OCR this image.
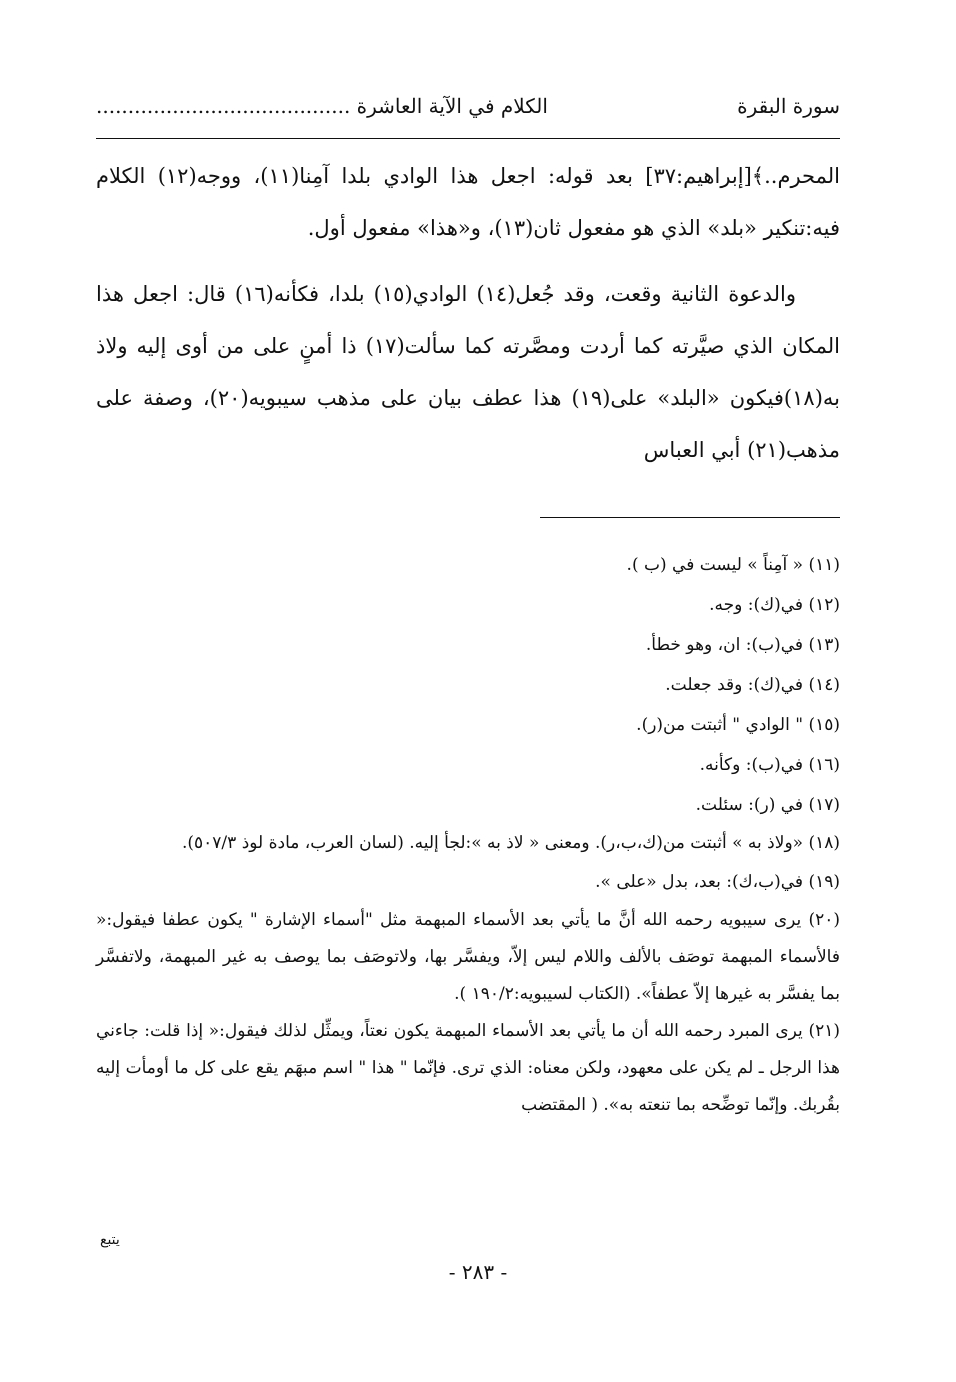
سورة البقرة
الكلام في الآية العاشرة ........................................

المحرم..﴾[إبراهيم:٣٧] بعد قوله: اجعل هذا الوادي بلدا آمِنا(١١)، ووجه(١٢) الكلام فيه:تنكير «بلد» الذي هو مفعول ثان(١٣)، و«هذا» مفعول أول.

والدعوة الثانية وقعت، وقد جُعل(١٤) الوادي(١٥) بلدا، فكأنه(١٦) قال: اجعل هذا المكان الذي صيَّرته كما أردت ومصَّرته كما سألت(١٧) ذا أمنٍ على من أوى إليه ولاذ به(١٨)فيكون «البلد» على(١٩) هذا عطف بيان على مذهب سيبويه(٢٠)، وصفة على مذهب(٢١) أبي العباس

(١١) « آمِناً » ليست في (ب ).

(١٢) في(ك): وجه.

(١٣) في(ب): ان، وهو خطأ.

(١٤) في(ك): وقد جعلت.

(١٥) " الوادي " أثبتت من(ر).

(١٦) في(ب): وكأنه.

(١٧) في (ر): سئلت.

(١٨) «ولاذ به » أثبتت من(ك،ب،ر). ومعنى « لاذ به »:لجأ إليه. (لسان العرب، مادة لوذ ٥٠٧/٣).

(١٩) في(ب،ك): بعد، بدل «على ».

(٢٠) يرى سيبويه رحمه الله أنَّ ما يأتي بعد الأسماء المبهمة مثل "أسماء الإشارة " يكون عطفا فيقول:« فالأسماء المبهمة توصَف بالألف واللام ليس إلاّ، ويفسَّر بها، ولاتوصَف بما يوصف به غير المبهمة، ولاتفسَّر بما يفسَّر به غيرها إلاّ عطفاً». (الكتاب لسيبويه:١٩٠/٢ ).

(٢١) يرى المبرد رحمه الله أن ما يأتي بعد الأسماء المبهمة يكون نعتاً، ويمثِّل لذلك فيقول:« إذا قلت: جاءني هذا الرجل ـ لم يكن على معهود، ولكن معناه: الذي ترى. فإنّما " هذا " اسم مبهَم يقع على كل ما أومأت إليه بقُربك. وإنّما توضِّحه بما تنعته به». ( المقتضب

يتبع
- ٢٨٣ -
